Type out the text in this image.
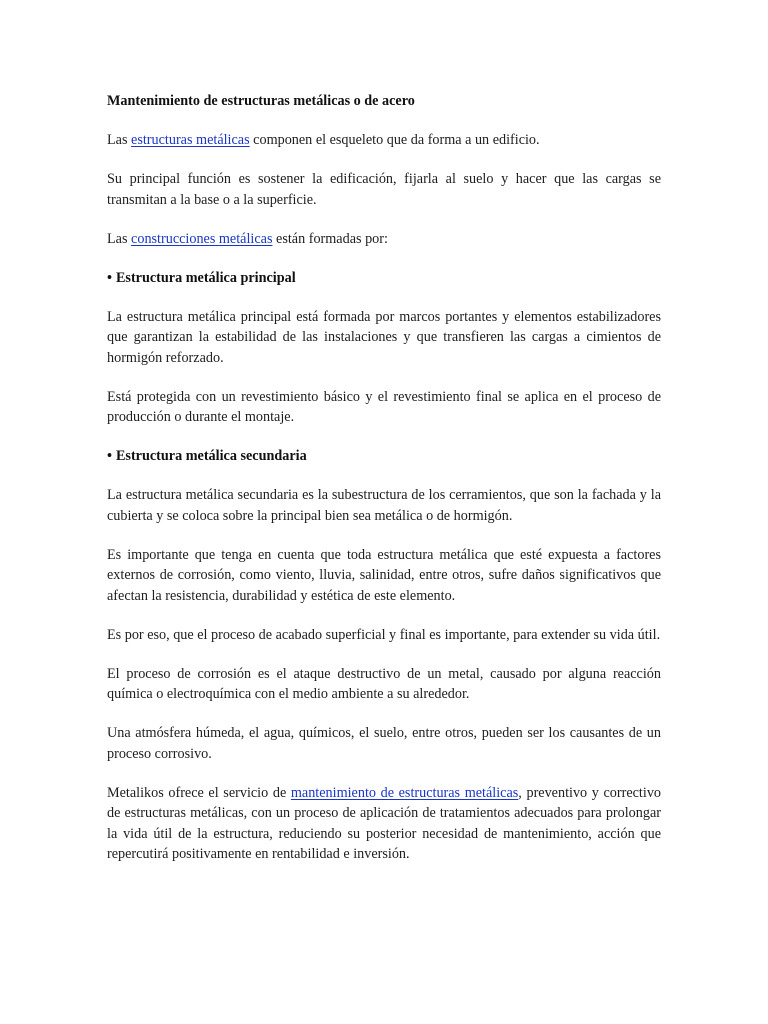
Mantenimiento de estructuras metálicas o de acero

Las estructuras metálicas componen el esqueleto que da forma a un edificio.

Su principal función es sostener la edificación, fijarla al suelo y hacer que las cargas se transmitan a la base o a la superficie.

Las construcciones metálicas están formadas por:

• Estructura metálica principal

La estructura metálica principal está formada por marcos portantes y elementos estabilizadores que garantizan la estabilidad de las instalaciones y que transfieren las cargas a cimientos de hormigón reforzado.

Está protegida con un revestimiento básico y el revestimiento final se aplica en el proceso de producción o durante el montaje.

• Estructura metálica secundaria

La estructura metálica secundaria es la subestructura de los cerramientos, que son la fachada y la cubierta y se coloca sobre la principal bien sea metálica o de hormigón.

Es importante que tenga en cuenta que toda estructura metálica que esté expuesta a factores externos de corrosión, como viento, lluvia, salinidad, entre otros, sufre daños significativos que afectan la resistencia, durabilidad y estética de este elemento.

Es por eso, que el proceso de acabado superficial y final es importante, para extender su vida útil.

El proceso de corrosión es el ataque destructivo de un metal, causado por alguna reacción química o electroquímica con el medio ambiente a su alrededor.

Una atmósfera húmeda, el agua, químicos, el suelo, entre otros, pueden ser los causantes de un proceso corrosivo.

Metalikos ofrece el servicio de mantenimiento de estructuras metálicas, preventivo y correctivo de estructuras metálicas, con un proceso de aplicación de tratamientos adecuados para prolongar la vida útil de la estructura, reduciendo su posterior necesidad de mantenimiento, acción que repercutirá positivamente en rentabilidad e inversión.
